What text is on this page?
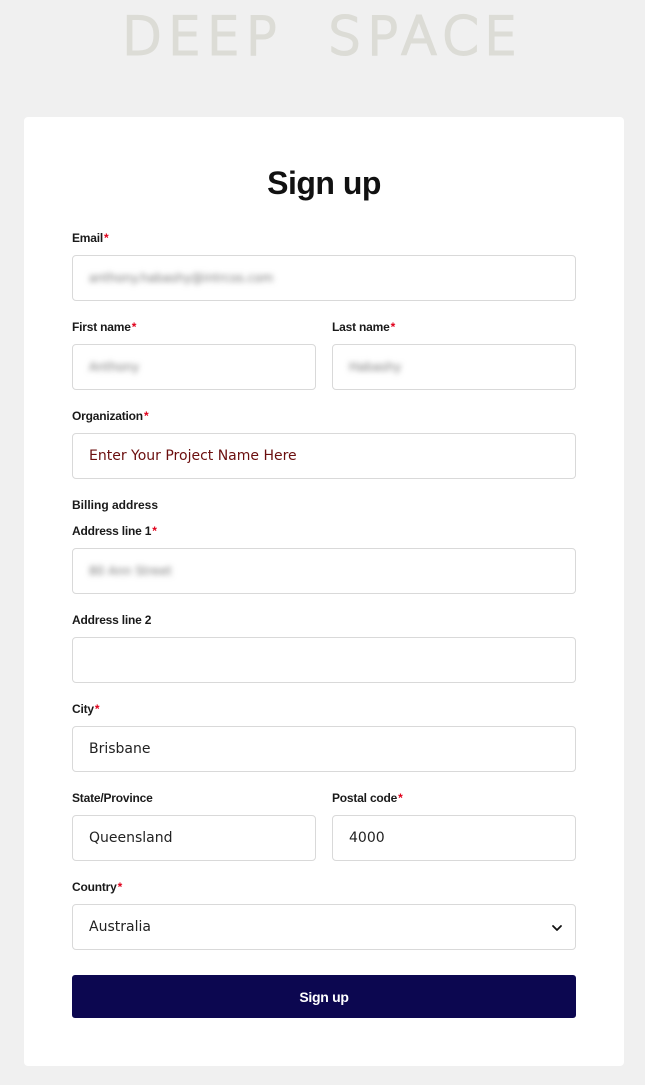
DEEP  SPACE
Sign up
Email*
anthony.habashy@intrcos.com
First name*
Anthony
Last name*
Habashy
Organization*
Enter Your Project Name Here
Billing address
Address line 1*
80 Ann Street
Address line 2
City*
Brisbane
State/Province
Queensland
Postal code*
4000
Country*
Australia
Sign up
